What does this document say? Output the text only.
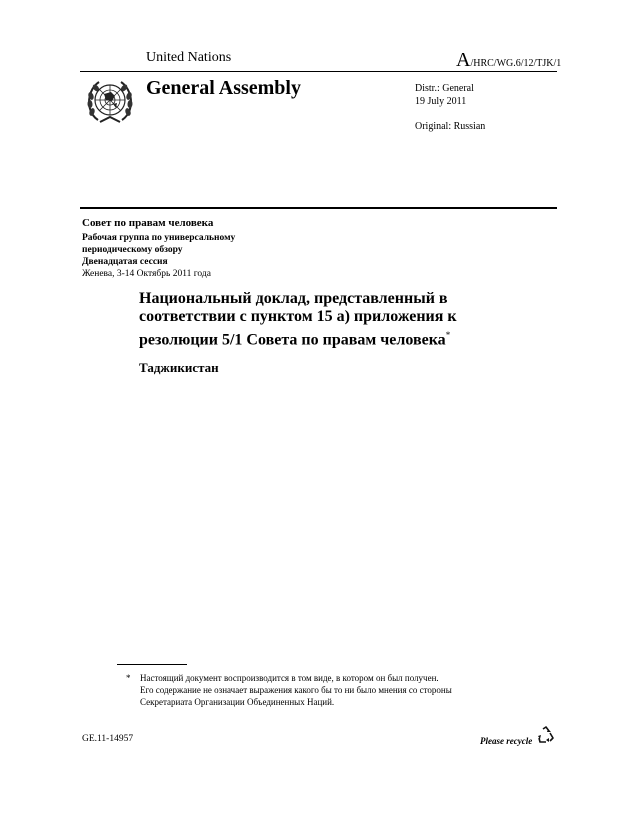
United Nations	A/HRC/WG.6/12/TJK/1
General Assembly	Distr.: General
19 July 2011
Original: Russian
Совет по правам человека
Рабочая группа по универсальному
периодическому обзору
Двенадцатая сессия
Женева, 3-14 Октябрь 2011 года
Национальный доклад, представленный в
соответствии с пунктом 15 а) приложения к
резолюции 5/1 Совета по правам человека*
Таджикистан
* Настоящий документ воспроизводится в том виде, в котором он был получен.
Его содержание не означает выражения какого бы то ни было мнения со стороны
Секретариата Организации Объединенных Наций.
GE.11-14957	Please recycle
